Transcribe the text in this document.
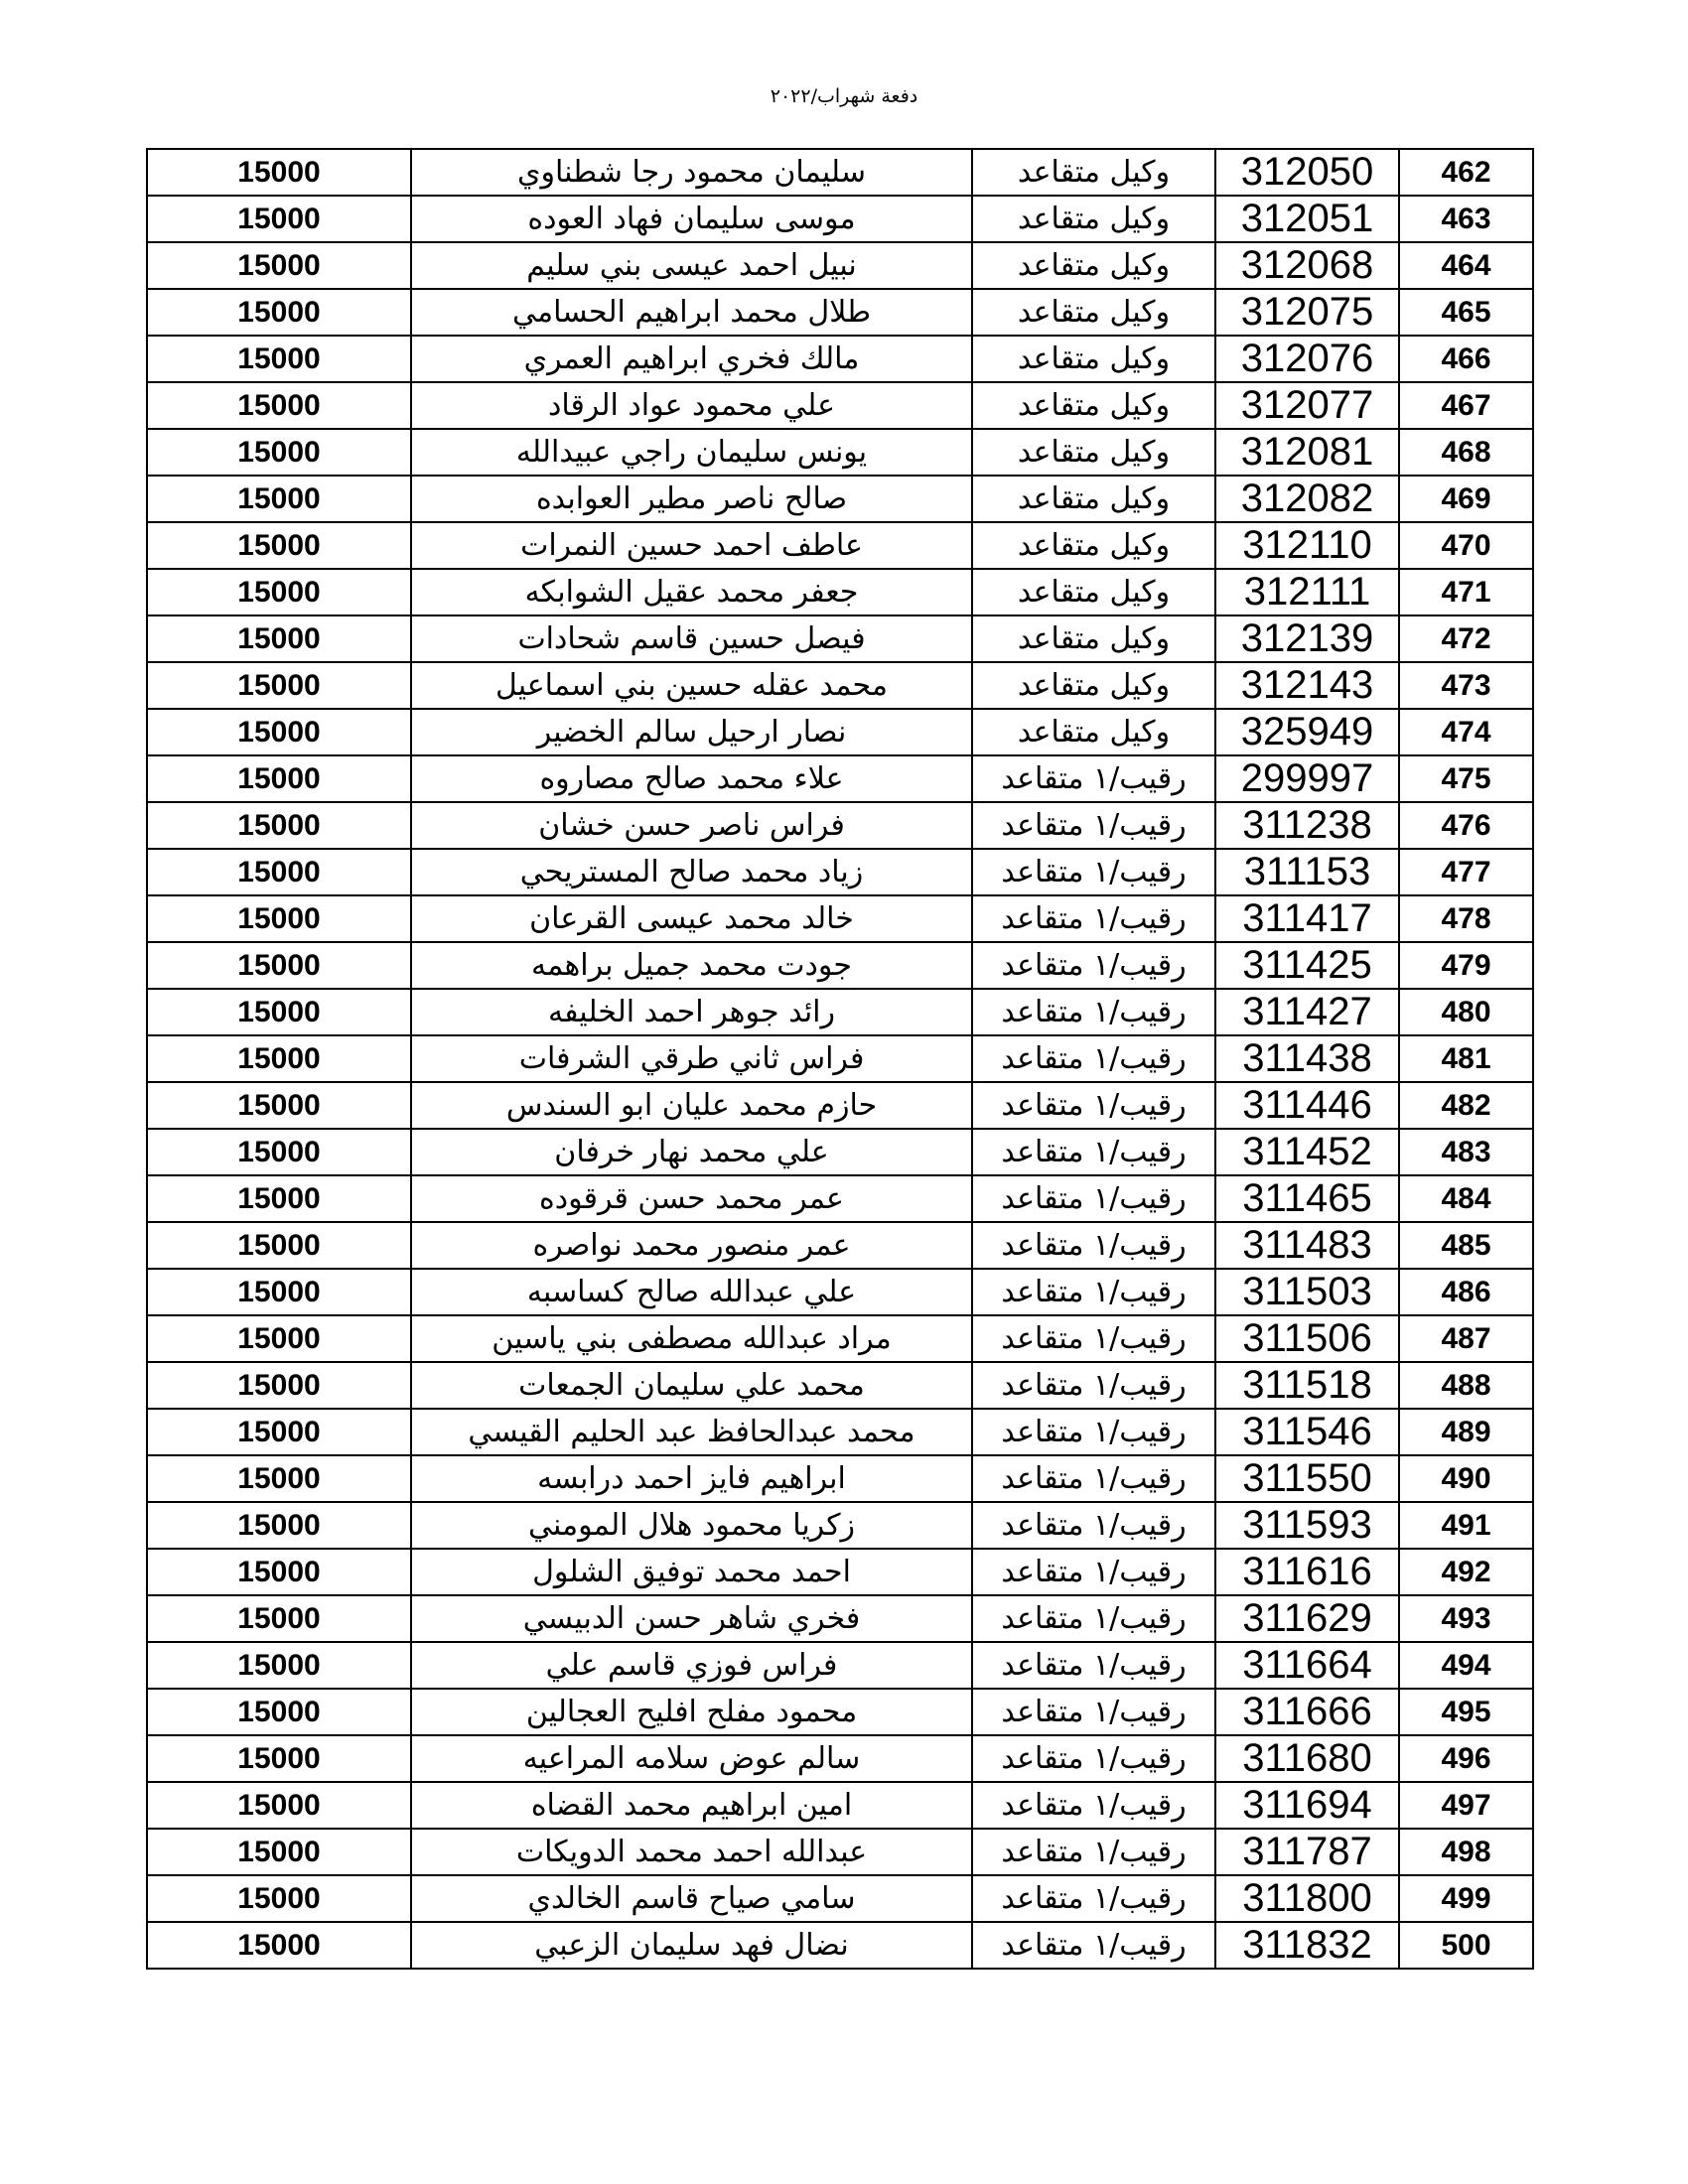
دفعة شهراب/٢٠٢٢
15000	سليمان محمود رجا شطناوي	وكيل متقاعد	312050	462
15000	موسى سليمان فهاد العوده	وكيل متقاعد	312051	463
15000	نبيل احمد عيسى بني سليم	وكيل متقاعد	312068	464
15000	طلال محمد ابراهيم الحسامي	وكيل متقاعد	312075	465
15000	مالك فخري ابراهيم العمري	وكيل متقاعد	312076	466
15000	علي محمود عواد الرقاد	وكيل متقاعد	312077	467
15000	يونس سليمان راجي عبيدالله	وكيل متقاعد	312081	468
15000	صالح ناصر مطير العوابده	وكيل متقاعد	312082	469
15000	عاطف احمد حسين النمرات	وكيل متقاعد	312110	470
15000	جعفر محمد عقيل الشوابكه	وكيل متقاعد	312111	471
15000	فيصل حسين قاسم شحادات	وكيل متقاعد	312139	472
15000	محمد عقله حسين بني اسماعيل	وكيل متقاعد	312143	473
15000	نصار ارحيل سالم الخضير	وكيل متقاعد	325949	474
15000	علاء محمد صالح مصاروه	رقيب/١ متقاعد	299997	475
15000	فراس ناصر حسن خشان	رقيب/١ متقاعد	311238	476
15000	زياد محمد صالح المستريحي	رقيب/١ متقاعد	311153	477
15000	خالد محمد عيسى القرعان	رقيب/١ متقاعد	311417	478
15000	جودت محمد جميل براهمه	رقيب/١ متقاعد	311425	479
15000	رائد جوهر احمد الخليفه	رقيب/١ متقاعد	311427	480
15000	فراس ثاني طرقي الشرفات	رقيب/١ متقاعد	311438	481
15000	حازم محمد عليان ابو السندس	رقيب/١ متقاعد	311446	482
15000	علي محمد نهار خرفان	رقيب/١ متقاعد	311452	483
15000	عمر محمد حسن قرقوده	رقيب/١ متقاعد	311465	484
15000	عمر منصور محمد نواصره	رقيب/١ متقاعد	311483	485
15000	علي عبدالله صالح كساسبه	رقيب/١ متقاعد	311503	486
15000	مراد عبدالله مصطفى بني ياسين	رقيب/١ متقاعد	311506	487
15000	محمد علي سليمان الجمعات	رقيب/١ متقاعد	311518	488
15000	محمد عبدالحافظ عبد الحليم القيسي	رقيب/١ متقاعد	311546	489
15000	ابراهيم فايز احمد درابسه	رقيب/١ متقاعد	311550	490
15000	زكريا محمود هلال المومني	رقيب/١ متقاعد	311593	491
15000	احمد محمد توفيق الشلول	رقيب/١ متقاعد	311616	492
15000	فخري شاهر حسن الدبيسي	رقيب/١ متقاعد	311629	493
15000	فراس فوزي قاسم علي	رقيب/١ متقاعد	311664	494
15000	محمود مفلح افليح العجالين	رقيب/١ متقاعد	311666	495
15000	سالم عوض سلامه المراعيه	رقيب/١ متقاعد	311680	496
15000	امين ابراهيم محمد القضاه	رقيب/١ متقاعد	311694	497
15000	عبدالله احمد محمد الدويكات	رقيب/١ متقاعد	311787	498
15000	سامي صياح قاسم الخالدي	رقيب/١ متقاعد	311800	499
15000	نضال فهد سليمان الزعبي	رقيب/١ متقاعد	311832	500
